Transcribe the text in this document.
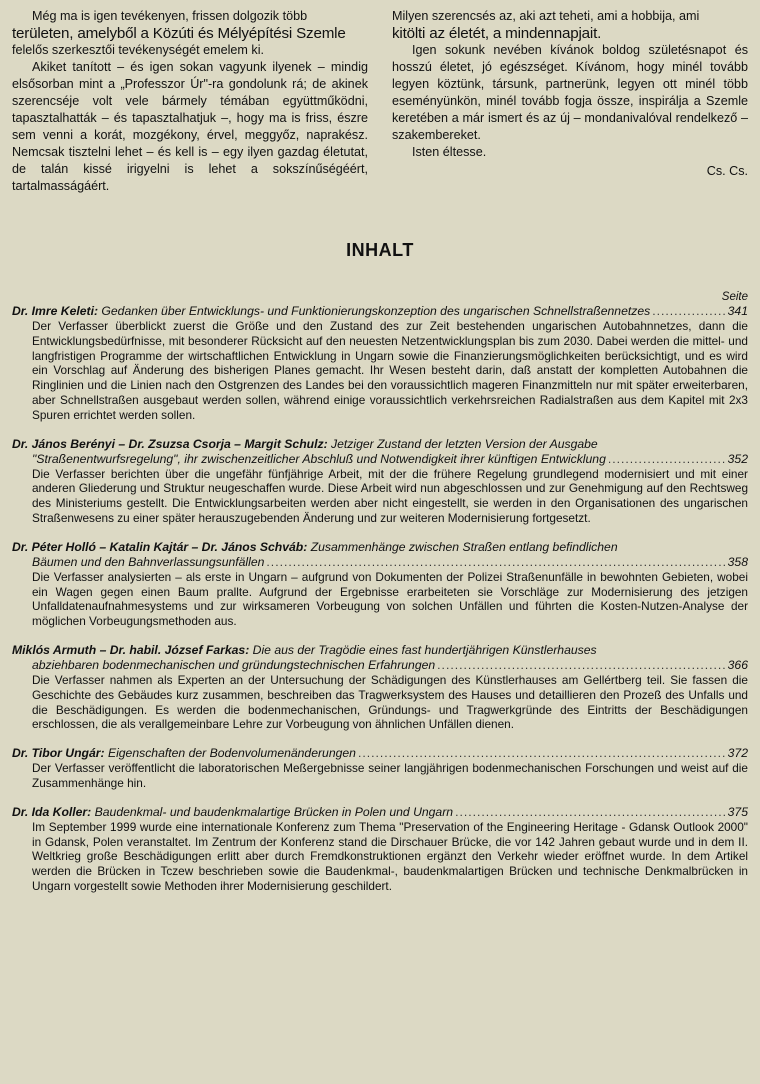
Még ma is igen tevékenyen, frissen dolgozik több

területen, amelyből a Közúti és Mélyépítési Szemle

felelős szerkesztői tevékenységét emelem ki.

Akiket tanított – és igen sokan vagyunk ilyenek – mindig elsősorban mint a „Professzor Úr"-ra gondolunk rá; de akinek szerencséje volt vele bármely témában együttműködni, tapasztalhatták – és tapasztalhatjuk –, hogy ma is friss, észre sem venni a korát, mozgékony, érvel, meggyőz, naprakész. Nemcsak tisztelni lehet – és kell is – egy ilyen gazdag életutat, de talán kissé irigyelni is lehet a sokszínűségéért, tartalmasságáért.

Milyen szerencsés az, aki azt teheti, ami a hobbija, ami

kitölti az életét, a mindennapjait.

Igen sokunk nevében kívánok boldog születésnapot és hosszú életet, jó egészséget. Kívánom, hogy minél tovább legyen köztünk, társunk, partnerünk, legyen ott minél több eseményünkön, minél tovább fogja össze, inspirálja a Szemle keretében a már ismert és az új – mondanivalóval rendelkező – szakembereket.

Isten éltesse.

Cs. Cs.

INHALT
Seite
Dr. Imre Keleti: Gedanken über Entwicklungs- und Funktionierungskonzeption des ungarischen Schnellstraßennetzes .....	341

Der Verfasser überblickt zuerst die Größe und den Zustand des zur Zeit bestehenden ungarischen Autobahnnetzes, dann die Entwicklungsbedürfnisse, mit besonderer Rücksicht auf den neuesten Netzentwicklungsplan bis zum 2030. Dabei werden die mittel- und langfristigen Programme der wirtschaftlichen Entwicklung in Ungarn sowie die Finanzierungsmöglichkeiten berücksichtigt, und es wird ein Vorschlag auf Änderung des bisherigen Planes gemacht. Ihr Wesen besteht darin, daß anstatt der kompletten Autobahnen die Ringlinien und die Linien nach den Ostgrenzen des Landes bei den voraussichtlich mageren Finanzmitteln nur mit später erweiterbaren, aber Schnellstraßen ausgebaut werden sollen, während einige voraussichtlich verkehrsreichen Radialstraßen aus dem Kapitel mit 2x3 Spuren errichtet werden sollen.

Dr. János Berényi – Dr. Zsuzsa Csorja – Margit Schulz: Jetziger Zustand der letzten Version der Ausgabe
"Straßenentwurfsregelung", ihr zwischenzeitlicher Abschluß und Notwendigkeit ihrer künftigen Entwicklung .....	352

Die Verfasser berichten über die ungefähr fünfjährige Arbeit, mit der die frühere Regelung grundlegend modernisiert und mit einer anderen Gliederung und Struktur neugeschaffen wurde. Diese Arbeit wird nun abgeschlossen und zur Genehmigung auf den Rechtsweg des Ministeriums gestellt. Die Entwicklungsarbeiten werden aber nicht eingestellt, sie werden in den Organisationen des ungarischen Straßenwesens zu einer später herauszugebenden Änderung und zur weiteren Modernisierung fortgesetzt.

Dr. Péter Holló – Katalin Kajtár – Dr. János Schváb: Zusammenhänge zwischen Straßen entlang befindlichen
Bäumen und den Bahnverlassungsunfällen .....	358

Die Verfasser analysierten – als erste in Ungarn – aufgrund von Dokumenten der Polizei Straßenunfälle in bewohnten Gebieten, wobei ein Wagen gegen einen Baum prallte. Aufgrund der Ergebnisse erarbeiteten sie Vorschläge zur Modernisierung des jetzigen Unfalldatenaufnahmesystems und zur wirksameren Vorbeugung von solchen Unfällen und führten die Kosten-Nutzen-Analyse der möglichen Vorbeugungsmethoden aus.

Miklós Armuth – Dr. habil. József Farkas: Die aus der Tragödie eines fast hundertjährigen Künstlerhauses
abziehbaren bodenmechanischen und gründungstechnischen Erfahrungen .....	366

Die Verfasser nahmen als Experten an der Untersuchung der Schädigungen des Künstlerhauses am Gellértberg teil. Sie fassen die Geschichte des Gebäudes kurz zusammen, beschreiben das Tragwerksystem des Hauses und detaillieren den Prozeß des Unfalls und die Beschädigungen. Es werden die bodenmechanischen, Gründungs- und Tragwerkgründe des Eintritts der Beschädigungen erschlossen, die als verallgemeinbare Lehre zur Vorbeugung von ähnlichen Unfällen dienen.

Dr. Tibor Ungár: Eigenschaften der Bodenvolumenänderungen .....	372

Der Verfasser veröffentlicht die laboratorischen Meßergebnisse seiner langjährigen bodenmechanischen Forschungen und weist auf die Zusammenhänge hin.

Dr. Ida Koller: Baudenkmal- und baudenkmalartige Brücken in Polen und Ungarn .....	375

Im September 1999 wurde eine internationale Konferenz zum Thema "Preservation of the Engineering Heritage - Gdansk Outlook 2000" in Gdansk, Polen veranstaltet. Im Zentrum der Konferenz stand die Dirschauer Brücke, die vor 142 Jahren gebaut wurde und in dem II. Weltkrieg große Beschädigungen erlitt aber durch Fremdkonstruktionen ergänzt den Verkehr wieder eröffnet wurde. In dem Artikel werden die Brücken in Tczew beschrieben sowie die Baudenkmal-, baudenkmalartigen Brücken und technische Denkmalbrücken in Ungarn vorgestellt sowie Methoden ihrer Modernisierung geschildert.
